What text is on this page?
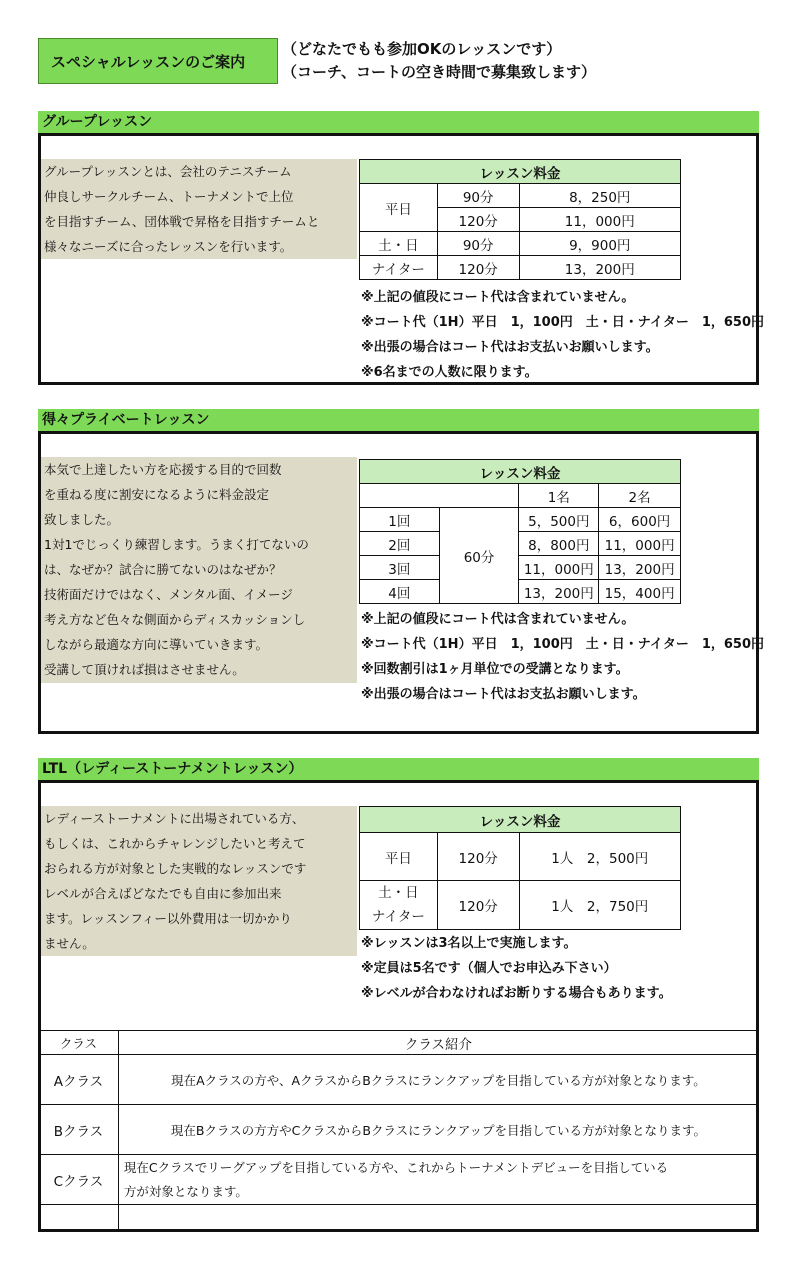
スペシャルレッスンのご案内
（どなたでもも参加OKのレッスンです）
（コーチ、コートの空き時間で募集致します）
グループレッスン
グループレッスンとは、会社のテニスチーム
仲良しサークルチーム、トーナメントで上位
を目指すチーム、団体戦で昇格を目指すチームと
様々なニーズに合ったレッスンを行います。
レッスン料金		
平日	90分	8，250円
	120分	11，000円
土・日	90分	9，900円
ナイター	120分	13，200円
※上記の値段にコート代は含まれていません。
※コート代（1H）平日　1，100円　土・日・ナイター　1，650円
※出張の場合はコート代はお支払いお願いします。
※6名までの人数に限ります。
得々プライベートレッスン
本気で上達したい方を応援する目的で回数
を重ねる度に割安になるように料金設定
致しました。
1対1でじっくり練習します。うまく打てないの
は、なぜか？試合に勝てないのはなぜか？
技術面だけではなく、メンタル面、イメージ
考え方など色々な側面からディスカッションし
しながら最適な方向に導いていきます。
受講して頂ければ損はさせません。
レッスン料金			
		1名	2名
1回	60分	5，500円	6，600円
2回		8，800円	11，000円
3回		11，000円	13，200円
4回		13，200円	15，400円
※上記の値段にコート代は含まれていません。
※コート代（1H）平日　1，100円　土・日・ナイター　1，650円
※回数割引は1ヶ月単位での受講となります。
※出張の場合はコート代はお支払お願いします。
LTL（レディーストーナメントレッスン）
レディーストーナメントに出場されている方、
もしくは、これからチャレンジしたいと考えて
おられる方が対象とした実戦的なレッスンです
レベルが合えばどなたでも自由に参加出来
ます。レッスンフィー以外費用は一切かかり
ません。
レッスン料金		
平日	120分	1人　2，500円

土・日
ナイター	120分	1人　2，750円
※レッスンは3名以上で実施します。
※定員は5名です（個人でお申込み下さい）
※レベルが合わなければお断りする場合もあります。
クラス	クラス紹介
Aクラス	現在Aクラスの方や、AクラスからBクラスにランクアップを目指している方が対象となります。
Bクラス	現在Bクラスの方方やCクラスからBクラスにランクアップを目指している方が対象となります。
Cクラス	現在Cクラスでリーグアップを目指している方や、これからトーナメントデビューを目指している
方が対象となります。
